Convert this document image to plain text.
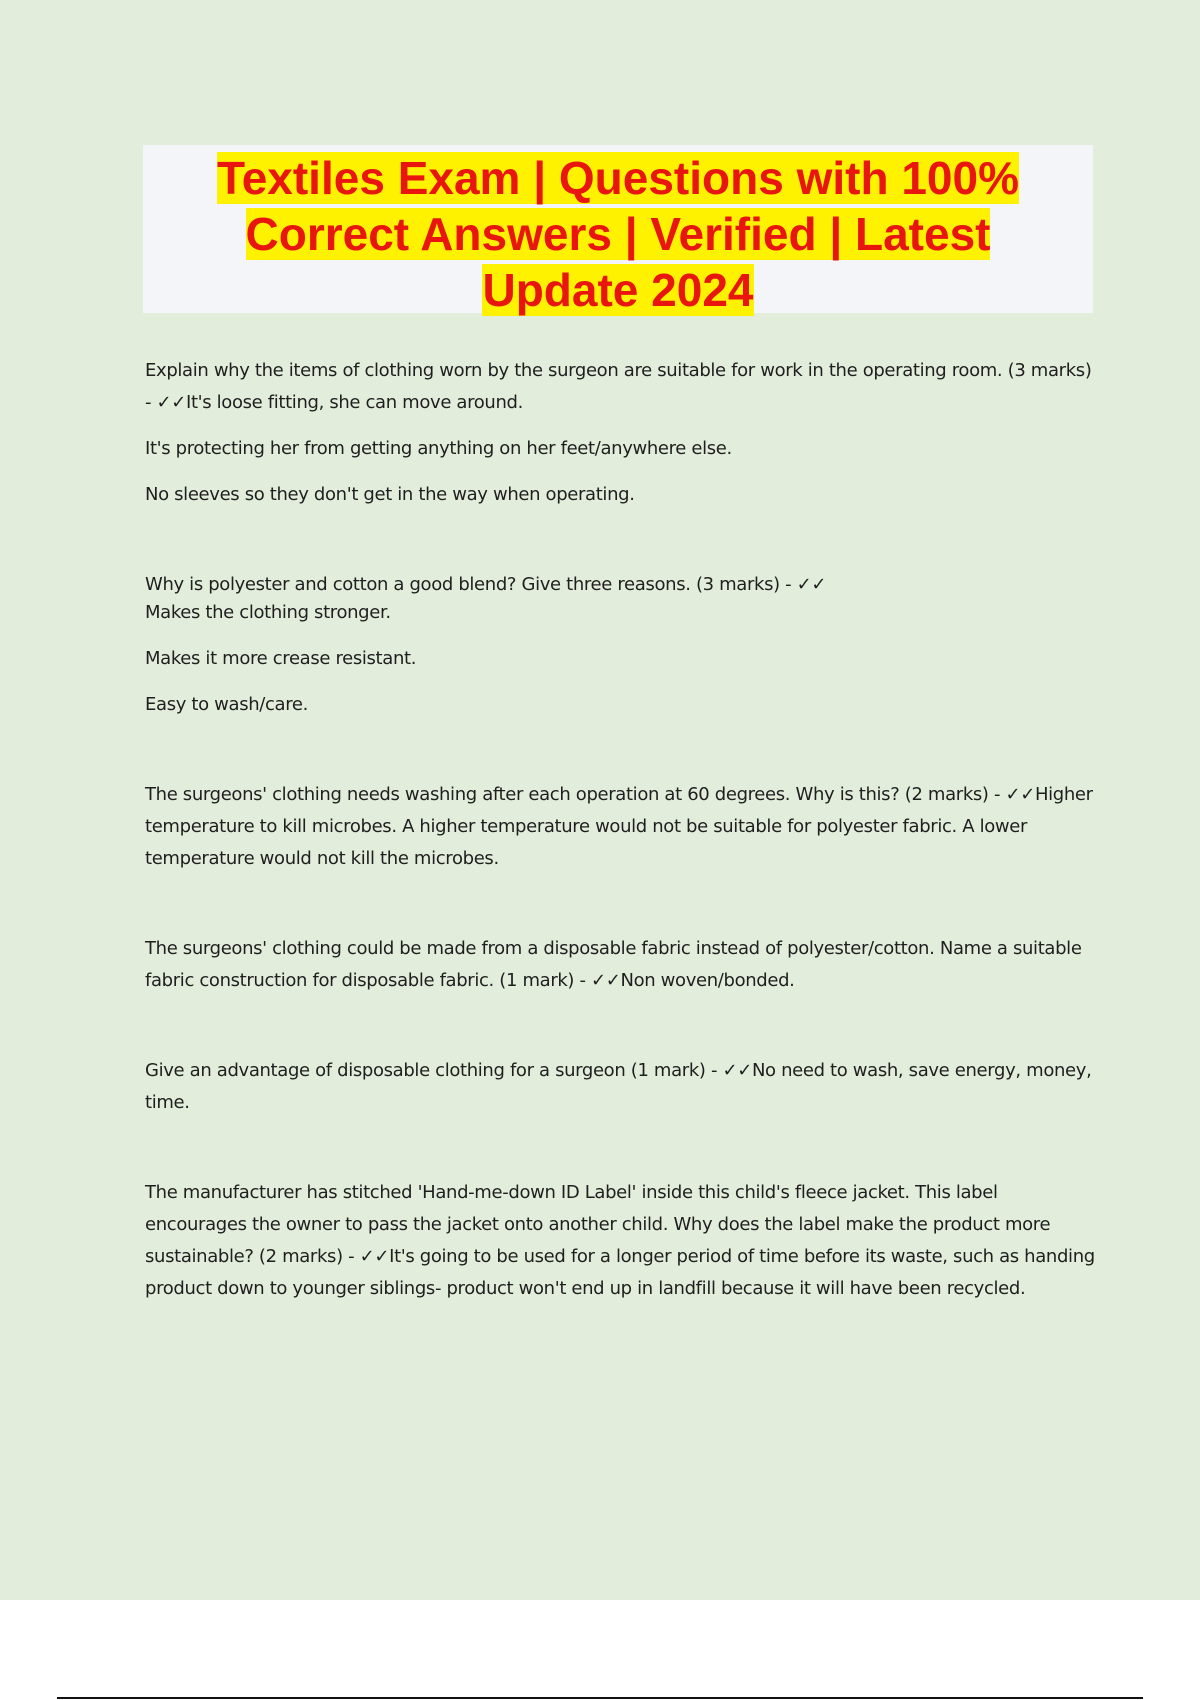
Textiles Exam | Questions with 100%
Correct Answers | Verified | Latest
Update 2024

Explain why the items of clothing worn by the surgeon are suitable for work in the operating room. (3 marks) - ✓✓It's loose fitting, she can move around.

It's protecting her from getting anything on her feet/anywhere else.

No sleeves so they don't get in the way when operating.

Why is polyester and cotton a good blend? Give three reasons. (3 marks) - ✓✓

Makes the clothing stronger.

Makes it more crease resistant.

Easy to wash/care.

The surgeons' clothing needs washing after each operation at 60 degrees. Why is this? (2 marks) - ✓✓Higher temperature to kill microbes. A higher temperature would not be suitable for polyester fabric. A lower temperature would not kill the microbes.

The surgeons' clothing could be made from a disposable fabric instead of polyester/cotton. Name a suitable fabric construction for disposable fabric. (1 mark) - ✓✓Non woven/bonded.

Give an advantage of disposable clothing for a surgeon (1 mark) - ✓✓No need to wash, save energy, money, time.

The manufacturer has stitched 'Hand-me-down ID Label' inside this child's fleece jacket. This label encourages the owner to pass the jacket onto another child. Why does the label make the product more sustainable? (2 marks) - ✓✓It's going to be used for a longer period of time before its waste, such as handing product down to younger siblings- product won't end up in landfill because it will have been recycled.
